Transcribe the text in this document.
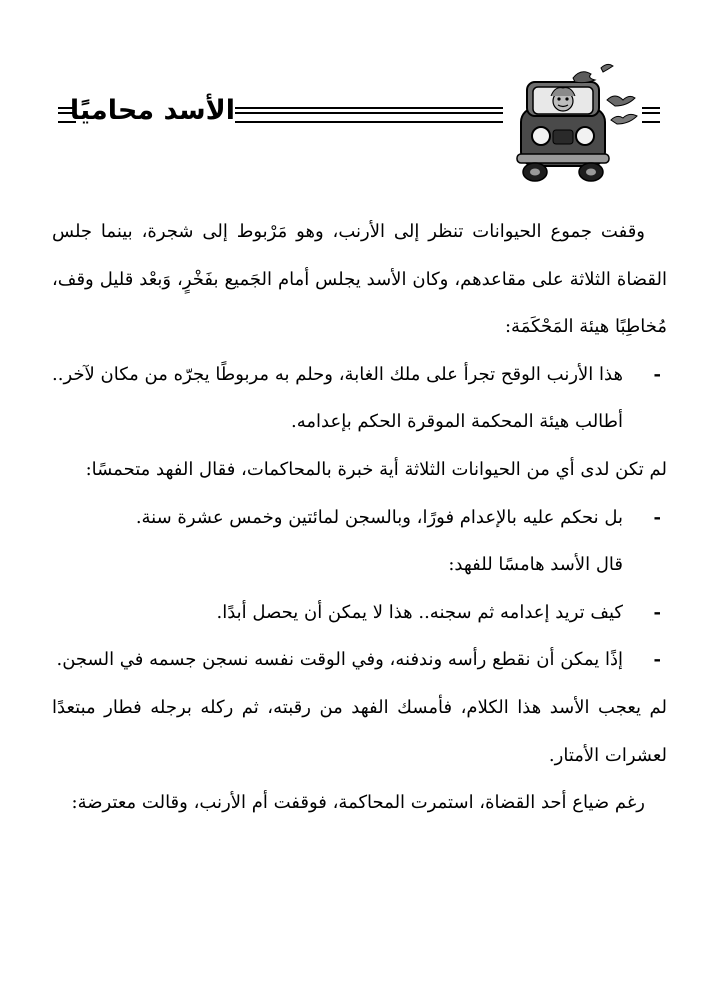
الأسد محاميًا

وقفت جموع الحيوانات تنظر إلى الأرنب، وهو مَرْبوط إلى شجرة، بينما جلس القضاة الثلاثة على مقاعدهم، وكان الأسد يجلس أمام الجَميع بفَخْرٍ، وَبعْد قليل وقف، مُخاطِبًا هيئة المَحْكَمَة:

-
هذا الأرنب الوقح تجرأ على ملك الغابة، وحلم به مربوطًا يجرّه من مكان لآخر.. أطالب هيئة المحكمة الموقرة الحكم بإعدامه.

لم تكن لدى أي من الحيوانات الثلاثة أية خبرة بالمحاكمات، فقال الفهد متحمسًا:

-
بل نحكم عليه بالإعدام فورًا، وبالسجن لمائتين وخمس عشرة سنة.
قال الأسد هامسًا للفهد:
-
كيف تريد إعدامه ثم سجنه.. هذا لا يمكن أن يحصل أبدًا.
-
إذًا يمكن أن نقطع رأسه وندفنه، وفي الوقت نفسه نسجن جسمه في السجن.

لم يعجب الأسد هذا الكلام، فأمسك الفهد من رقبته، ثم ركله برجله فطار مبتعدًا لعشرات الأمتار.

رغم ضياع أحد القضاة، استمرت المحاكمة، فوقفت أم الأرنب، وقالت معترضة:
